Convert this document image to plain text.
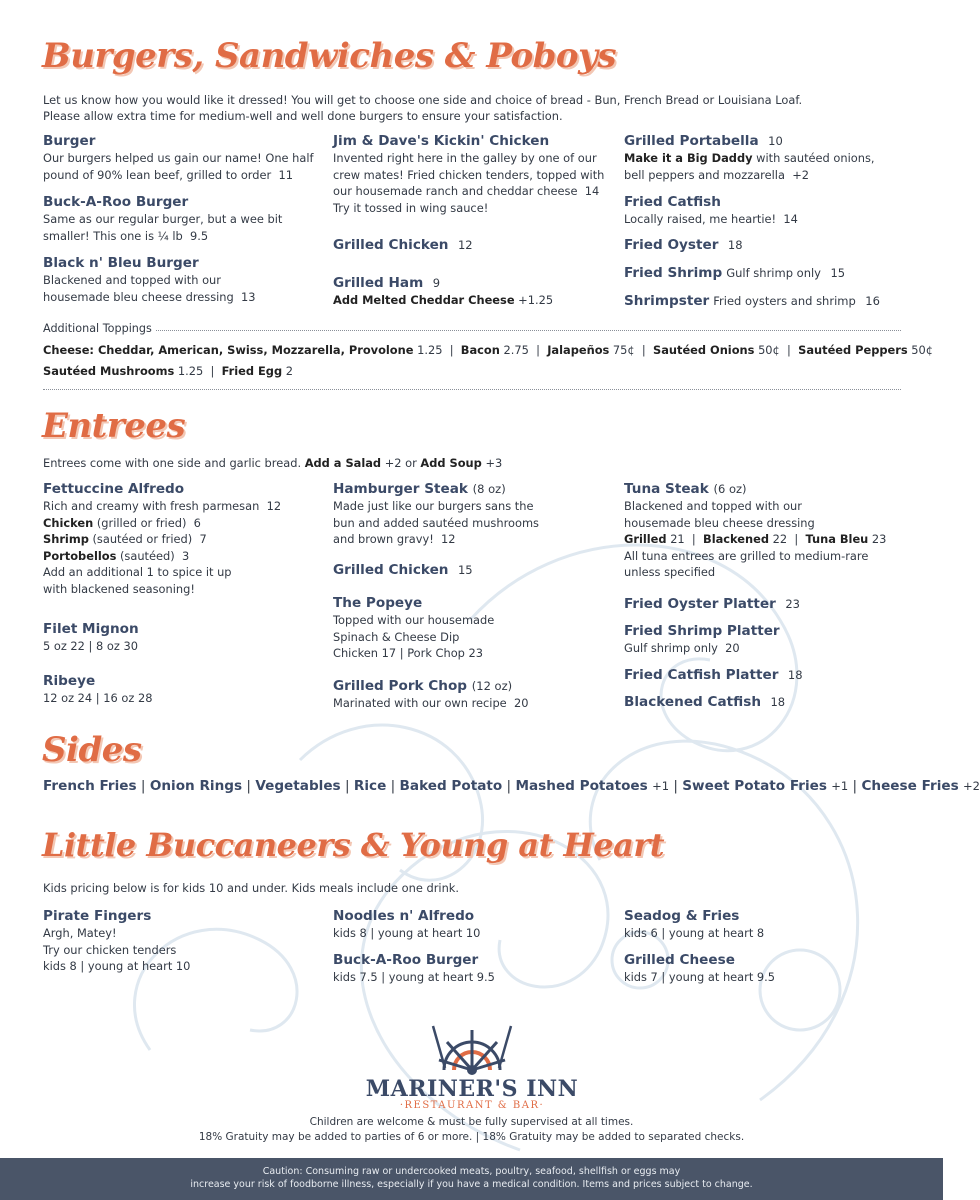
Burgers, Sandwiches & Poboys
Let us know how you would like it dressed! You will get to choose one side and choice of bread - Bun, French Bread or Louisiana Loaf.
Please allow extra time for medium-well and well done burgers to ensure your satisfaction.
Burger
Our burgers helped us gain our name! One half
pound of 90% lean beef, grilled to order 11
Buck-A-Roo Burger
Same as our regular burger, but a wee bit
smaller! This one is ¼ lb 9.5
Black n' Bleu Burger
Blackened and topped with our
housemade bleu cheese dressing 13
Jim & Dave's Kickin' Chicken
Invented right here in the galley by one of our
crew mates! Fried chicken tenders, topped with
our housemade ranch and cheddar cheese 14
Try it tossed in wing sauce!
Grilled Chicken 12
Grilled Ham 9
Add Melted Cheddar Cheese +1.25
Grilled Portabella 10
Make it a Big Daddy with sautéed onions,
bell peppers and mozzarella +2
Fried Catfish
Locally raised, me heartie! 14
Fried Oyster 18
Fried Shrimp Gulf shrimp only 15
Shrimpster Fried oysters and shrimp 16
Additional Toppings
Cheese: Cheddar, American, Swiss, Mozzarella, Provolone 1.25  |  Bacon 2.75  |  Jalapeños 75¢  |  Sautéed Onions 50¢  |  Sautéed Peppers 50¢
Sautéed Mushrooms 1.25  |  Fried Egg 2
Entrees
Entrees come with one side and garlic bread. Add a Salad +2 or Add Soup +3
Fettuccine Alfredo
Rich and creamy with fresh parmesan 12
Chicken (grilled or fried) 6
Shrimp (sautéed or fried) 7
Portobellos (sautéed) 3
Add an additional 1 to spice it up
with blackened seasoning!
Filet Mignon
5 oz 22 | 8 oz 30
Ribeye
12 oz 24 | 16 oz 28
Hamburger Steak (8 oz)
Made just like our burgers sans the
bun and added sautéed mushrooms
and brown gravy! 12
Grilled Chicken 15
The Popeye
Topped with our housemade
Spinach & Cheese Dip
Chicken 17 | Pork Chop 23
Grilled Pork Chop (12 oz)
Marinated with our own recipe 20
Tuna Steak (6 oz)
Blackened and topped with our
housemade bleu cheese dressing
Grilled 21  |  Blackened 22  |  Tuna Bleu 23
All tuna entrees are grilled to medium-rare
unless specified
Fried Oyster Platter 23
Fried Shrimp Platter
Gulf shrimp only 20
Fried Catfish Platter 18
Blackened Catfish 18
Sides
French Fries | Onion Rings | Vegetables | Rice | Baked Potato | Mashed Potatoes +1 | Sweet Potato Fries +1 | Cheese Fries +2
Little Buccaneers & Young at Heart
Kids pricing below is for kids 10 and under. Kids meals include one drink.
Pirate Fingers
Argh, Matey!
Try our chicken tenders
kids 8 | young at heart 10
Noodles n' Alfredo
kids 8 | young at heart 10
Buck-A-Roo Burger
kids 7.5 | young at heart 9.5
Seadog & Fries
kids 6 | young at heart 8
Grilled Cheese
kids 7 | young at heart 9.5
MARINER'S INN
·RESTAURANT & BAR·
Children are welcome & must be fully supervised at all times.
18% Gratuity may be added to parties of 6 or more. | 18% Gratuity may be added to separated checks.
Caution: Consuming raw or undercooked meats, poultry, seafood, shellfish or eggs may
increase your risk of foodborne illness, especially if you have a medical condition. Items and prices subject to change.
